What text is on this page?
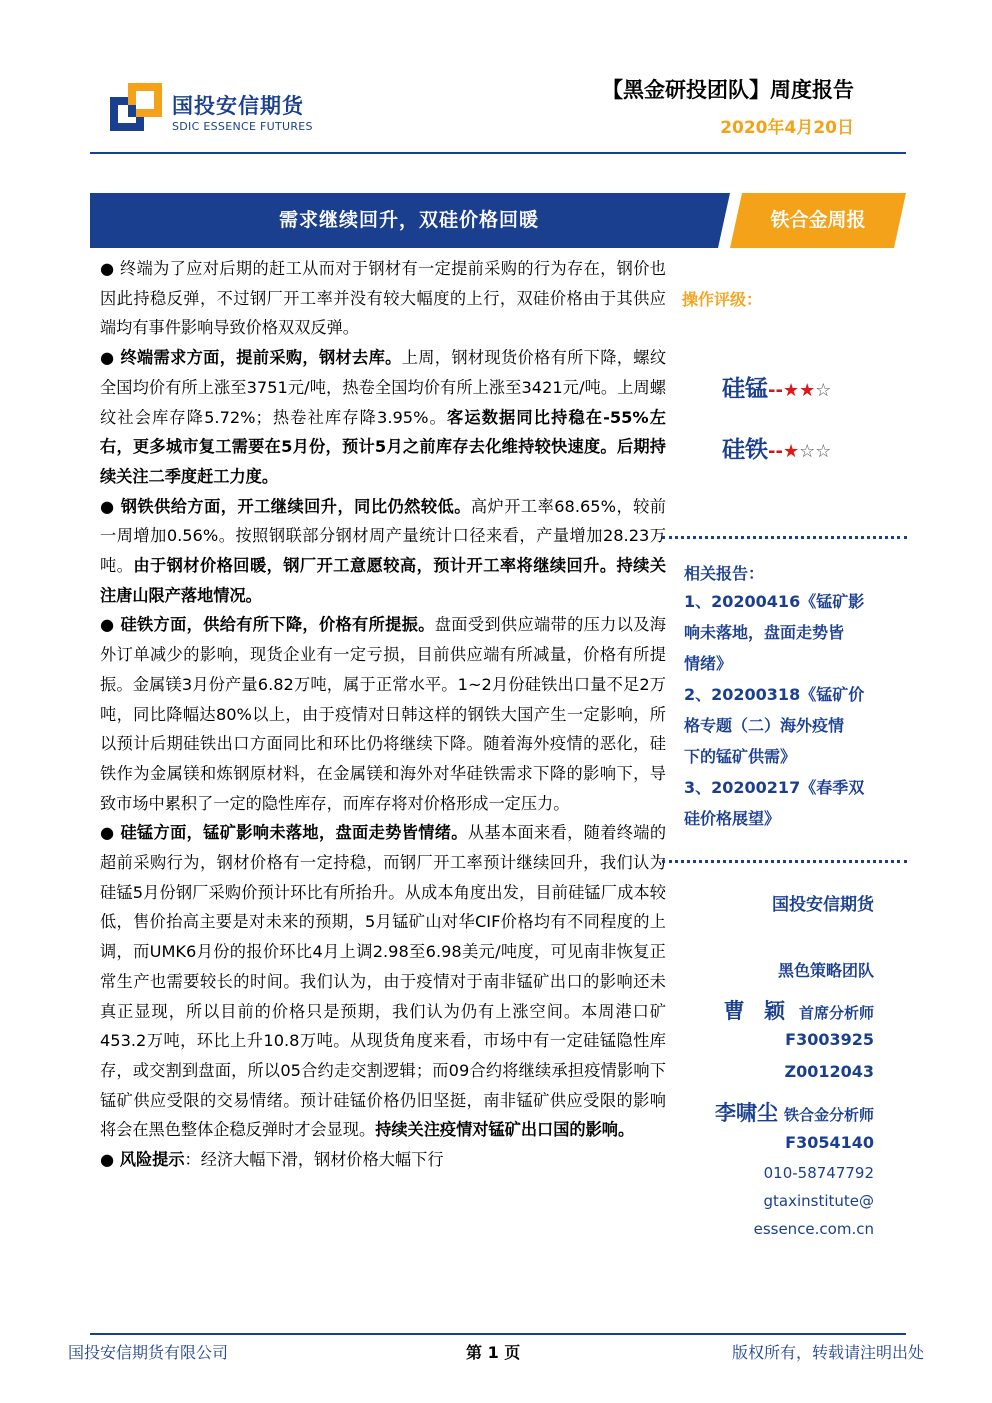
国投安信期货
SDIC ESSENCE FUTURES
【黑金研投团队】周度报告
2020年4月20日
需求继续回升，双硅价格回暖	铁合金周报

● 终端为了应对后期的赶工从而对于钢材有一定提前采购的行为存在，钢价也因此持稳反弹，不过钢厂开工率并没有较大幅度的上行，双硅价格由于其供应端均有事件影响导致价格双双反弹。

● 终端需求方面，提前采购，钢材去库。上周，钢材现货价格有所下降，螺纹全国均价有所上涨至3751元/吨，热卷全国均价有所上涨至3421元/吨。上周螺纹社会库存降5.72%；热卷社库存降3.95%。客运数据同比持稳在-55%左右，更多城市复工需要在5月份，预计5月之前库存去化维持较快速度。后期持续关注二季度赶工力度。

● 钢铁供给方面，开工继续回升，同比仍然较低。高炉开工率68.65%，较前一周增加0.56%。按照钢联部分钢材周产量统计口径来看，产量增加28.23万吨。由于钢材价格回暖，钢厂开工意愿较高，预计开工率将继续回升。持续关注唐山限产落地情况。

● 硅铁方面，供给有所下降，价格有所提振。盘面受到供应端带的压力以及海外订单减少的影响，现货企业有一定亏损，目前供应端有所减量，价格有所提振。金属镁3月份产量6.82万吨，属于正常水平。1~2月份硅铁出口量不足2万吨，同比降幅达80%以上，由于疫情对日韩这样的钢铁大国产生一定影响，所以预计后期硅铁出口方面同比和环比仍将继续下降。随着海外疫情的恶化，硅铁作为金属镁和炼钢原材料，在金属镁和海外对华硅铁需求下降的影响下，导致市场中累积了一定的隐性库存，而库存将对价格形成一定压力。

● 硅锰方面，锰矿影响未落地，盘面走势皆情绪。从基本面来看，随着终端的超前采购行为，钢材价格有一定持稳，而钢厂开工率预计继续回升，我们认为硅锰5月份钢厂采购价预计环比有所抬升。从成本角度出发，目前硅锰厂成本较低，售价抬高主要是对未来的预期，5月锰矿山对华CIF价格均有不同程度的上调，而UMK6月份的报价环比4月上调2.98至6.98美元/吨度，可见南非恢复正常生产也需要较长的时间。我们认为，由于疫情对于南非锰矿出口的影响还未真正显现，所以目前的价格只是预期，我们认为仍有上涨空间。本周港口矿453.2万吨，环比上升10.8万吨。从现货角度来看，市场中有一定硅锰隐性库存，或交割到盘面，所以05合约走交割逻辑；而09合约将继续承担疫情影响下锰矿供应受限的交易情绪。预计硅锰价格仍旧坚挺，南非锰矿供应受限的影响将会在黑色整体企稳反弹时才会显现。持续关注疫情对锰矿出口国的影响。

● 风险提示：经济大幅下滑，钢材价格大幅下行

操作评级：
硅锰--★★☆
硅铁--★☆☆
相关报告：
1、20200416《锰矿影
响未落地，盘面走势皆
情绪》
2、20200318《锰矿价
格专题（二）海外疫情
下的锰矿供需》
3、20200217《春季双
硅价格展望》
国投安信期货
黑色策略团队
曹 颖 首席分析师
F3003925
Z0012043
李啸尘 铁合金分析师
F3054140
010-58747792
gtaxinstitute@
essence.com.cn
国投安信期货有限公司	第 1 页	版权所有，转载请注明出处
